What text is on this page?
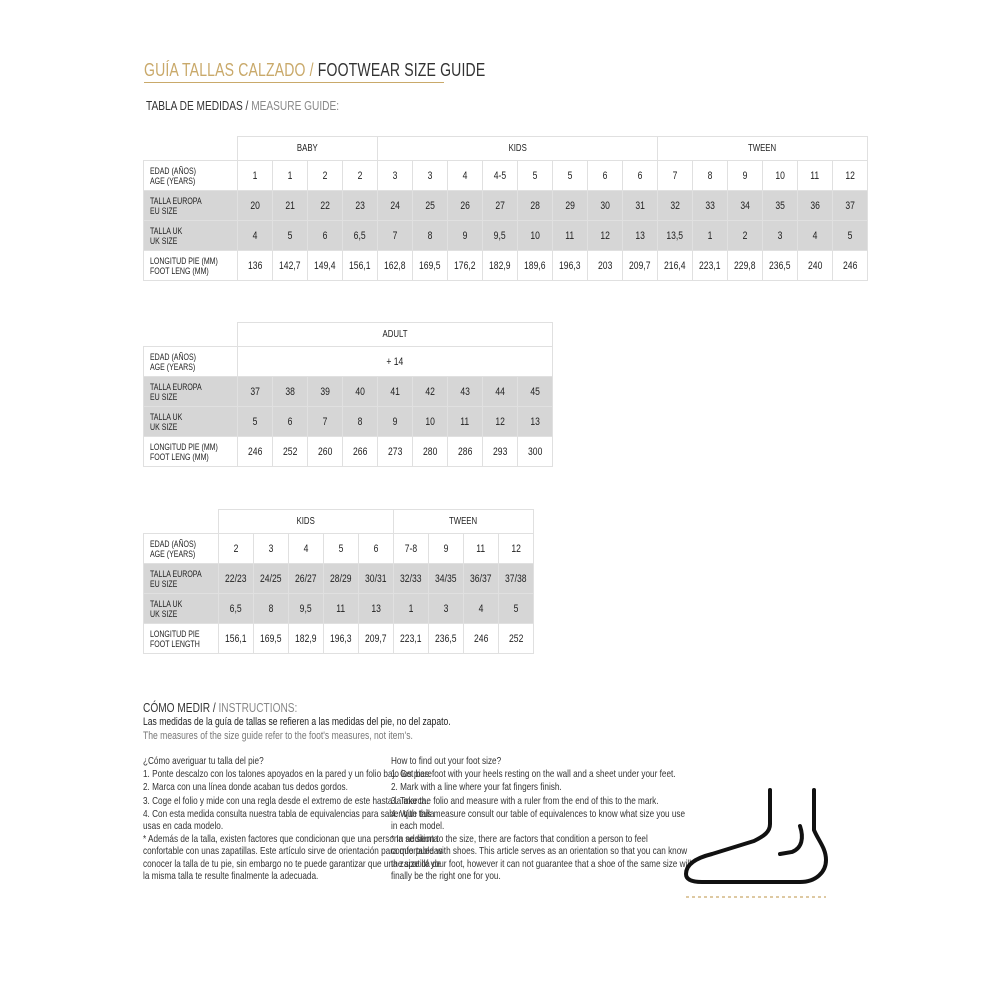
GUÍA TALLAS CALZADO / FOOTWEAR SIZE GUIDE
TABLA DE MEDIDAS / MEASURE GUIDE:
	BABY				KIDS								TWEEN					
EDAD (AÑOS)
AGE (YEARS)	1	1	2	2	3	3	4	4-5	5	5	6	6	7	8	9	10	11	12
TALLA EUROPA
EU SIZE	20	21	22	23	24	25	26	27	28	29	30	31	32	33	34	35	36	37
TALLA UK
UK SIZE	4	5	6	6,5	7	8	9	9,5	10	11	12	13	13,5	1	2	3	4	5
LONGITUD PIE (MM)
FOOT LENG (MM)	136	142,7	149,4	156,1	162,8	169,5	176,2	182,9	189,6	196,3	203	209,7	216,4	223,1	229,8	236,5	240	246
	ADULT								
EDAD (AÑOS)
AGE (YEARS)	+ 14								
TALLA EUROPA
EU SIZE	37	38	39	40	41	42	43	44	45
TALLA UK
UK SIZE	5	6	7	8	9	10	11	12	13
LONGITUD PIE (MM)
FOOT LENG (MM)	246	252	260	266	273	280	286	293	300
	KIDS					TWEEN			
EDAD (AÑOS)
AGE (YEARS)	2	3	4	5	6	7-8	9	11	12
TALLA EUROPA
EU SIZE	22/23	24/25	26/27	28/29	30/31	32/33	34/35	36/37	37/38
TALLA UK
UK SIZE	6,5	8	9,5	11	13	1	3	4	5
LONGITUD PIE
FOOT LENGTH	156,1	169,5	182,9	196,3	209,7	223,1	236,5	246	252
CÓMO MEDIR / INSTRUCTIONS:
Las medidas de la guía de tallas se refieren a las medidas del pie, no del zapato.
The measures of the size guide refer to the foot's measures, not item's.

¿Cómo averiguar tu talla del pie?

1. Ponte descalzo con los talones apoyados en la pared y un folio bajo los pies.

2. Marca con una línea donde acaban tus dedos gordos.

3. Coge el folio y mide con una regla desde el extremo de este hasta la marca.

4. Con esta medida consulta nuestra tabla de equivalencias para saber que talla usas en cada modelo.

* Además de la talla, existen factores que condicionan que una persona se sienta confortable con unas zapatillas. Este artículo sirve de orientación para que puedas conocer la talla de tu pie, sin embargo no te puede garantizar que una zapatilla de la misma talla te resulte finalmente la adecuada.

How to find out your foot size?

1. Get barefoot with your heels resting on the wall and a sheet under your feet.

2. Mark with a line where your fat fingers finish.

3. Take the folio and measure with a ruler from the end of this to the mark.

4. With this measure consult our table of equivalences to know what size you use in each model.

* In addition to the size, there are factors that condition a person to feel comfortable with shoes. This article serves as an orientation so that you can know the size of your foot, however it can not guarantee that a shoe of the same size will finally be the right one for you.
